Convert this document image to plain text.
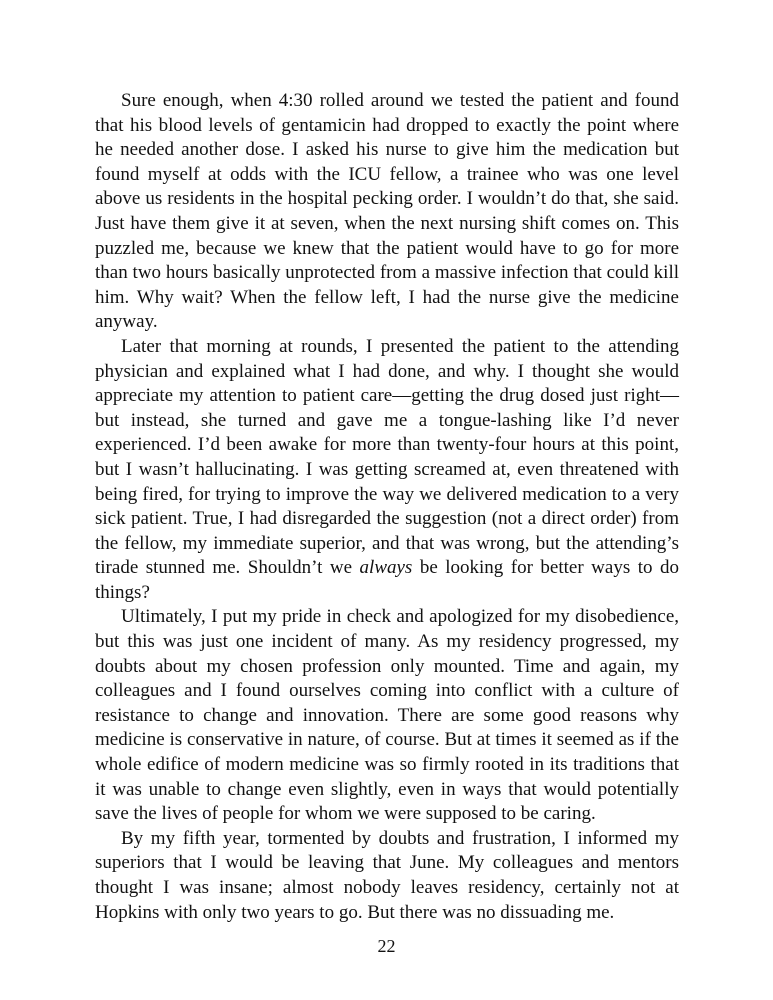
Sure enough, when 4:30 rolled around we tested the patient and found that his blood levels of gentamicin had dropped to exactly the point where he needed another dose. I asked his nurse to give him the medication but found myself at odds with the ICU fellow, a trainee who was one level above us residents in the hospital pecking order. I wouldn’t do that, she said. Just have them give it at seven, when the next nursing shift comes on. This puzzled me, because we knew that the patient would have to go for more than two hours basically unprotected from a massive infection that could kill him. Why wait? When the fellow left, I had the nurse give the medicine anyway.

Later that morning at rounds, I presented the patient to the attending physician and explained what I had done, and why. I thought she would appreciate my attention to patient care—getting the drug dosed just right—but instead, she turned and gave me a tongue-lashing like I’d never experienced. I’d been awake for more than twenty-four hours at this point, but I wasn’t hallucinating. I was getting screamed at, even threatened with being fired, for trying to improve the way we delivered medication to a very sick patient. True, I had disregarded the suggestion (not a direct order) from the fellow, my immediate superior, and that was wrong, but the attending’s tirade stunned me. Shouldn’t we always be looking for better ways to do things?

Ultimately, I put my pride in check and apologized for my disobedience, but this was just one incident of many. As my residency progressed, my doubts about my chosen profession only mounted. Time and again, my colleagues and I found ourselves coming into conflict with a culture of resistance to change and innovation. There are some good reasons why medicine is conservative in nature, of course. But at times it seemed as if the whole edifice of modern medicine was so firmly rooted in its traditions that it was unable to change even slightly, even in ways that would potentially save the lives of people for whom we were supposed to be caring.

By my fifth year, tormented by doubts and frustration, I informed my superiors that I would be leaving that June. My colleagues and mentors thought I was insane; almost nobody leaves residency, certainly not at Hopkins with only two years to go. But there was no dissuading me.

22
